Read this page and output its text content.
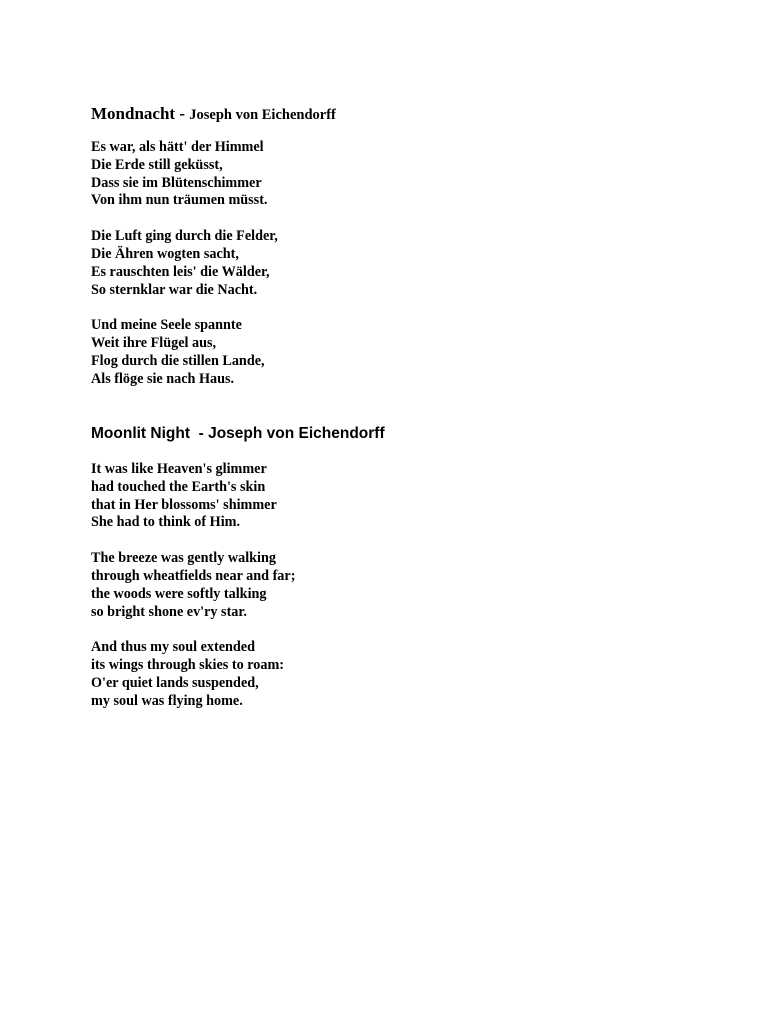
Mondnacht - Joseph von Eichendorff

Es war, als hätt' der Himmel
Die Erde still geküsst,
Dass sie im Blütenschimmer
Von ihm nun träumen müsst.

Die Luft ging durch die Felder,
Die Ähren wogten sacht,
Es rauschten leis' die Wälder,
So sternklar war die Nacht.

Und meine Seele spannte
Weit ihre Flügel aus,
Flog durch die stillen Lande,
Als flöge sie nach Haus.

Moonlit Night  - Joseph von Eichendorff

It was like Heaven's glimmer
had touched the Earth's skin
that in Her blossoms' shimmer
She had to think of Him.

The breeze was gently walking
through wheatfields near and far;
the woods were softly talking
so bright shone ev'ry star.

And thus my soul extended
its wings through skies to roam:
O'er quiet lands suspended,
my soul was flying home.
